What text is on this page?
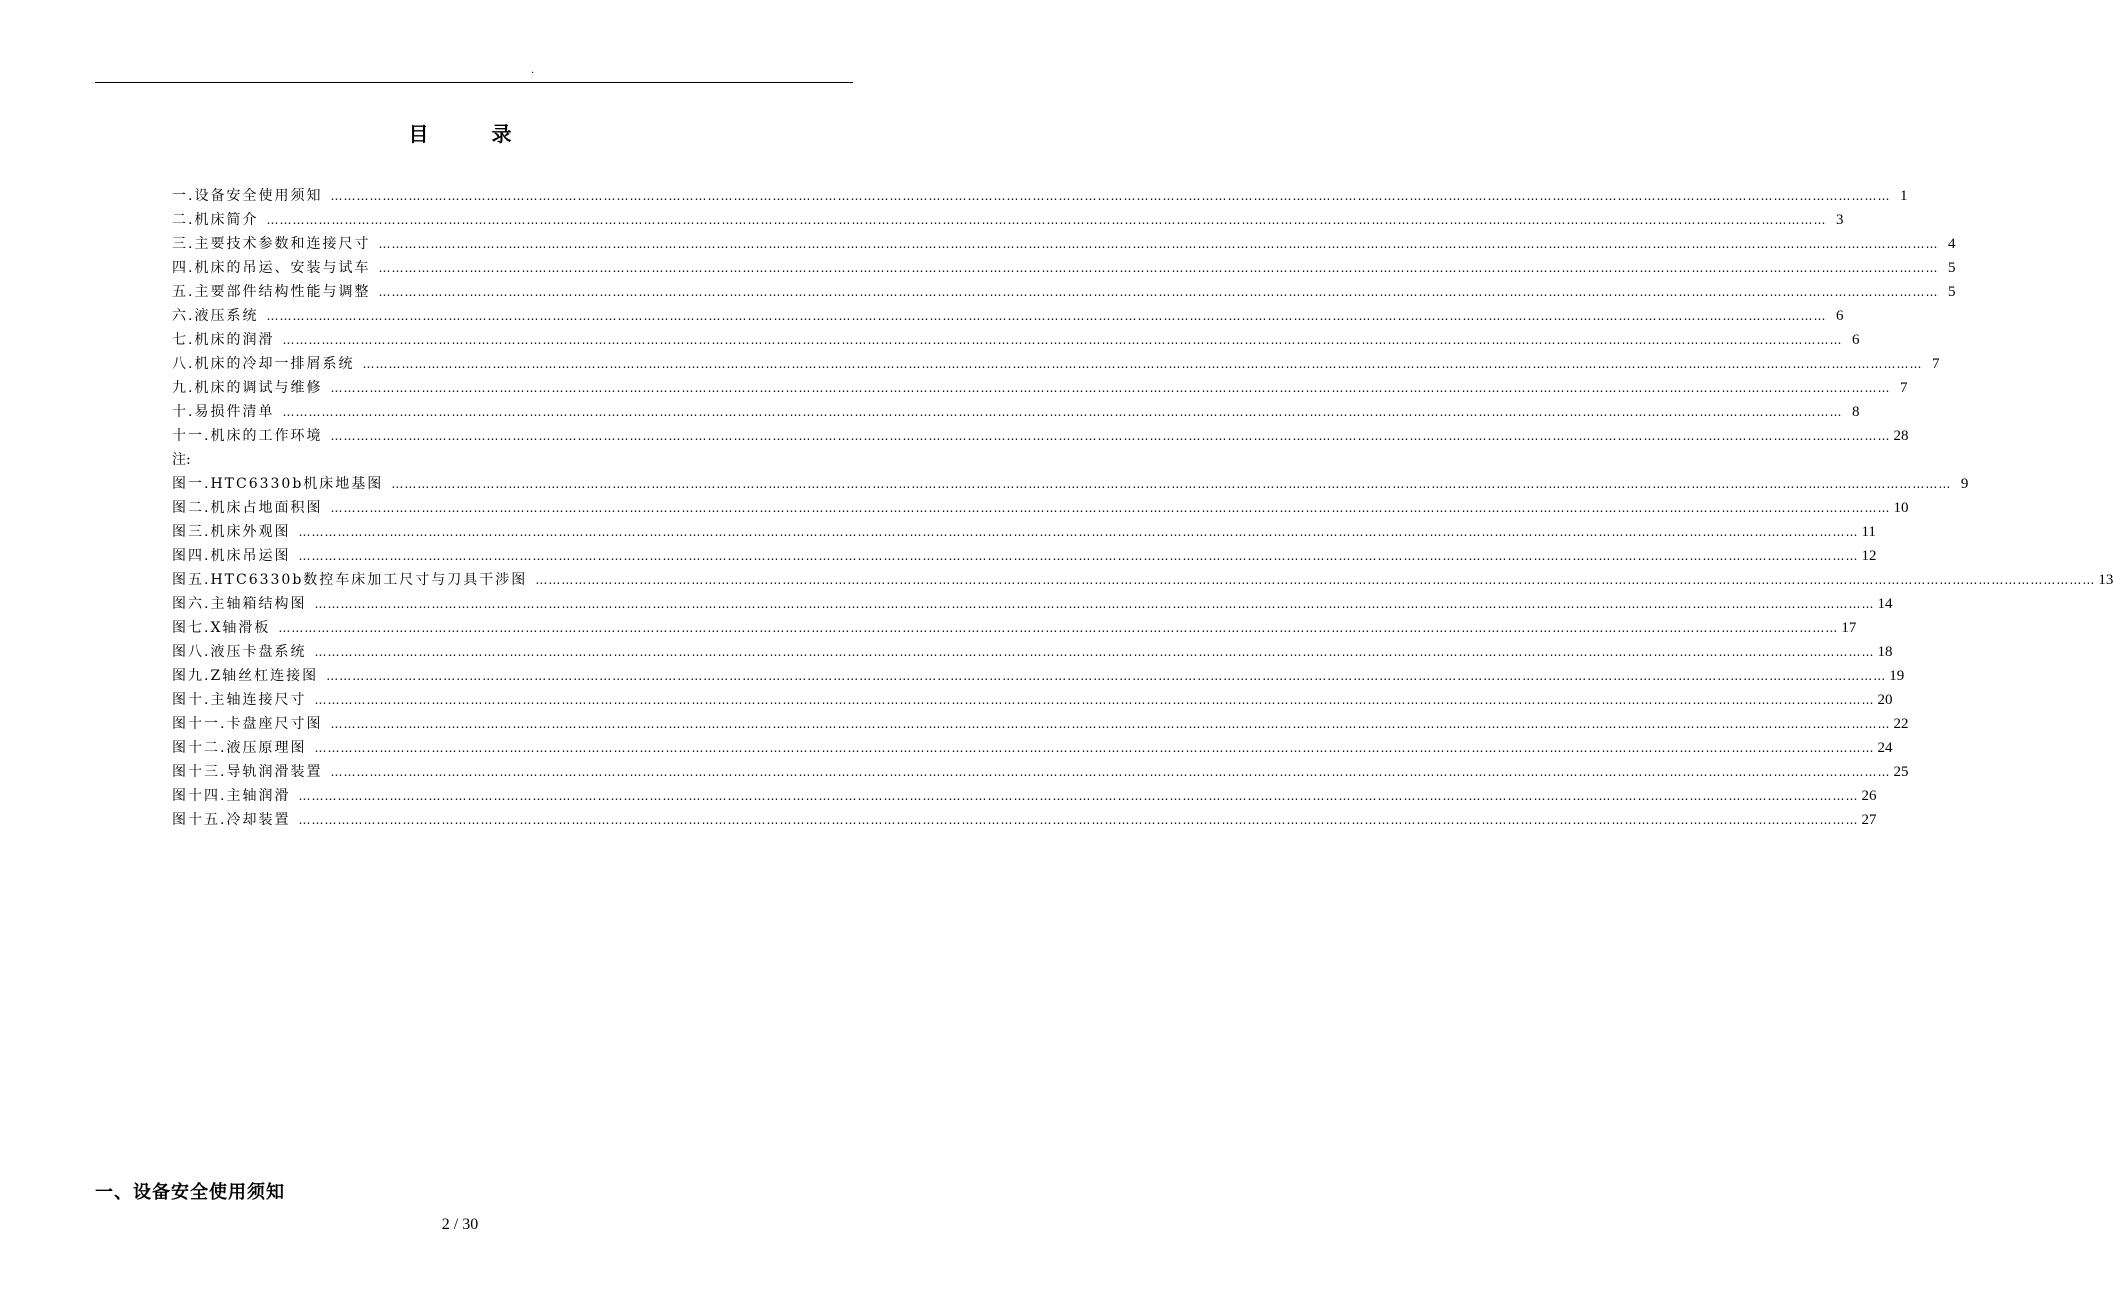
.
目 录
一.设备安全使用须知 ……………………………………………………………………………………………………………………………………………………………………………………………………………………………………………………………………………………………………………………………… 1
二.机床简介 ……………………………………………………………………………………………………………………………………………………………………………………………………………………………………………………………………………………………………………………………… 3
三.主要技术参数和连接尺寸 ……………………………………………………………………………………………………………………………………………………………………………………………………………………………………………………………………………………………………………………………… 4
四.机床的吊运、安装与试车 ……………………………………………………………………………………………………………………………………………………………………………………………………………………………………………………………………………………………………………………………… 5
五.主要部件结构性能与调整 ……………………………………………………………………………………………………………………………………………………………………………………………………………………………………………………………………………………………………………………………… 5
六.液压系统 ……………………………………………………………………………………………………………………………………………………………………………………………………………………………………………………………………………………………………………………………… 6
七.机床的润滑 ……………………………………………………………………………………………………………………………………………………………………………………………………………………………………………………………………………………………………………………………… 6
八.机床的冷却一排屑系统 ……………………………………………………………………………………………………………………………………………………………………………………………………………………………………………………………………………………………………………………………… 7
九.机床的调试与维修 ……………………………………………………………………………………………………………………………………………………………………………………………………………………………………………………………………………………………………………………………… 7
十.易损件清单 ……………………………………………………………………………………………………………………………………………………………………………………………………………………………………………………………………………………………………………………………… 8
十一.机床的工作环境 ……………………………………………………………………………………………………………………………………………………………………………………………………………………………………………………………………………………………………………………………… 28
注:
图一.HTC6330b机床地基图 ……………………………………………………………………………………………………………………………………………………………………………………………………………………………………………………………………………………………………………………………… 9
图二.机床占地面积图 ……………………………………………………………………………………………………………………………………………………………………………………………………………………………………………………………………………………………………………………………… 10
图三.机床外观图 ……………………………………………………………………………………………………………………………………………………………………………………………………………………………………………………………………………………………………………………………… 11
图四.机床吊运图 ……………………………………………………………………………………………………………………………………………………………………………………………………………………………………………………………………………………………………………………………… 12
图五.HTC6330b数控车床加工尺寸与刀具干涉图 ……………………………………………………………………………………………………………………………………………………………………………………………………………………………………………………………………………………………………………………………… 13
图六.主轴箱结构图 ……………………………………………………………………………………………………………………………………………………………………………………………………………………………………………………………………………………………………………………………… 14
图七.X轴滑板 ……………………………………………………………………………………………………………………………………………………………………………………………………………………………………………………………………………………………………………………………… 17
图八.液压卡盘系统 ……………………………………………………………………………………………………………………………………………………………………………………………………………………………………………………………………………………………………………………………… 18
图九.Z轴丝杠连接图 ……………………………………………………………………………………………………………………………………………………………………………………………………………………………………………………………………………………………………………………………… 19
图十.主轴连接尺寸 ……………………………………………………………………………………………………………………………………………………………………………………………………………………………………………………………………………………………………………………………… 20
图十一.卡盘座尺寸图 ……………………………………………………………………………………………………………………………………………………………………………………………………………………………………………………………………………………………………………………………… 22
图十二.液压原理图 ……………………………………………………………………………………………………………………………………………………………………………………………………………………………………………………………………………………………………………………………… 24
图十三.导轨润滑装置 ……………………………………………………………………………………………………………………………………………………………………………………………………………………………………………………………………………………………………………………………… 25
图十四.主轴润滑 ……………………………………………………………………………………………………………………………………………………………………………………………………………………………………………………………………………………………………………………………… 26
图十五.冷却装置 ……………………………………………………………………………………………………………………………………………………………………………………………………………………………………………………………………………………………………………………………… 27
一、设备安全使用须知
2 / 30
